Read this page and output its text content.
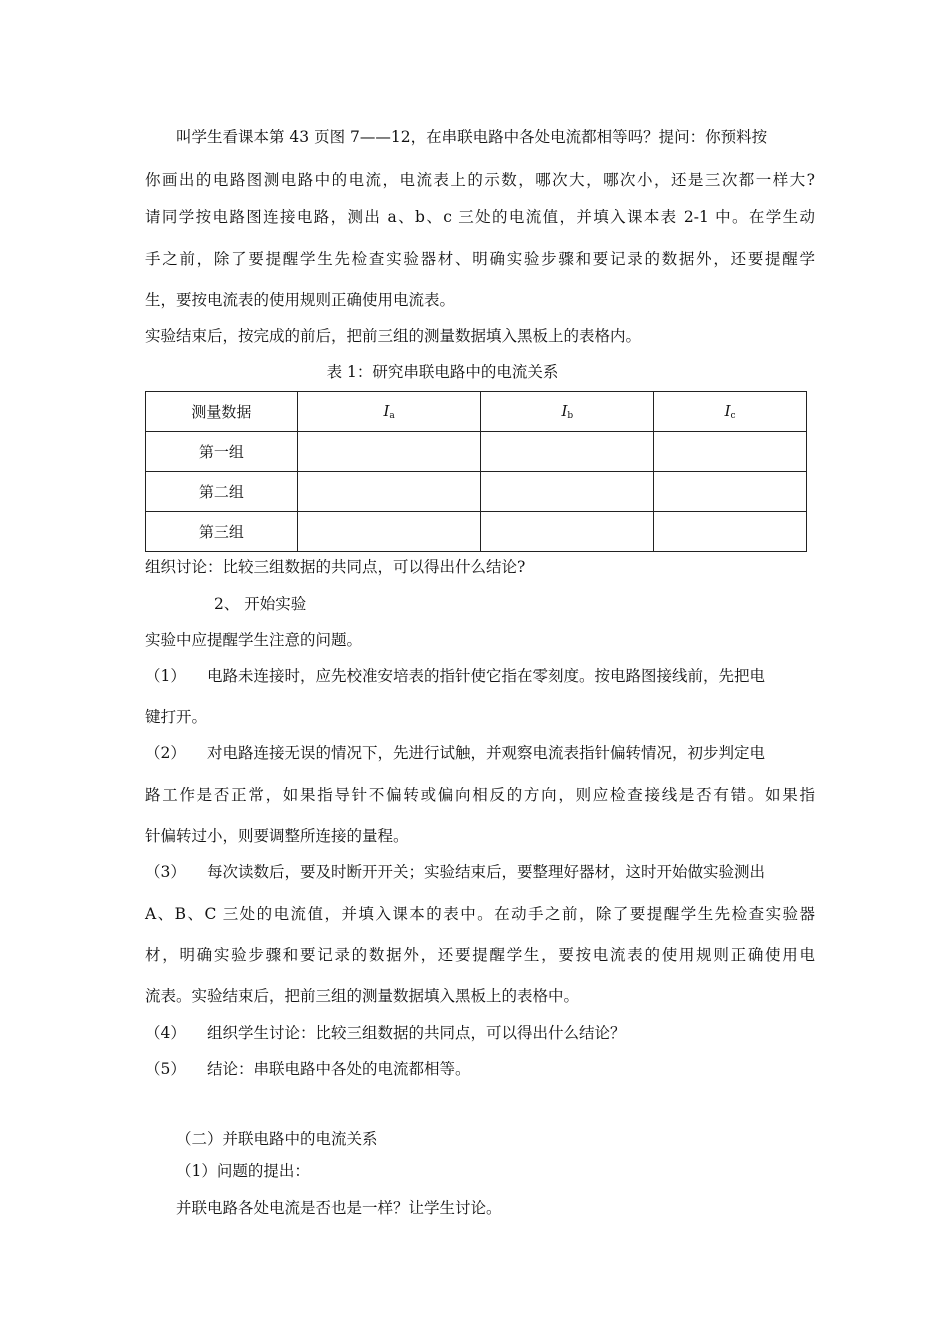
叫学生看课本第 43 页图 7——12，在串联电路中各处电流都相等吗？提问：你预料按

你画出的电路图测电路中的电流，电流表上的示数，哪次大，哪次小，还是三次都一样大?

请同学按电路图连接电路，测出 a、b、c 三处的电流值，并填入课本表 2-1 中。在学生动

手之前，除了要提醒学生先检查实验器材、明确实验步骤和要记录的数据外，还要提醒学

生，要按电流表的使用规则正确使用电流表。

实验结束后，按完成的前后，把前三组的测量数据填入黑板上的表格内。

表 1：研究串联电路中的电流关系

测量数据	$I_a$	$I_b$	$I_c$
第一组			
第二组			
第三组			

组织讨论：比较三组数据的共同点，可以得出什么结论?

2、 开始实验

实验中应提醒学生注意的问题。

（1） 电路未连接时，应先校准安培表的指针使它指在零刻度。按电路图接线前，先把电

键打开。

（2） 对电路连接无误的情况下，先进行试触，并观察电流表指针偏转情况，初步判定电

路工作是否正常，如果指导针不偏转或偏向相反的方向，则应检查接线是否有错。如果指

针偏转过小，则要调整所连接的量程。

（3） 每次读数后，要及时断开开关；实验结束后，要整理好器材，这时开始做实验测出

A、B、C 三处的电流值，并填入课本的表中。在动手之前，除了要提醒学生先检查实验器

材，明确实验步骤和要记录的数据外，还要提醒学生，要按电流表的使用规则正确使用电

流表。实验结束后，把前三组的测量数据填入黑板上的表格中。

（4） 组织学生讨论：比较三组数据的共同点，可以得出什么结论？

（5） 结论：串联电路中各处的电流都相等。

（二）并联电路中的电流关系

（1）问题的提出：

并联电路各处电流是否也是一样？让学生讨论。
